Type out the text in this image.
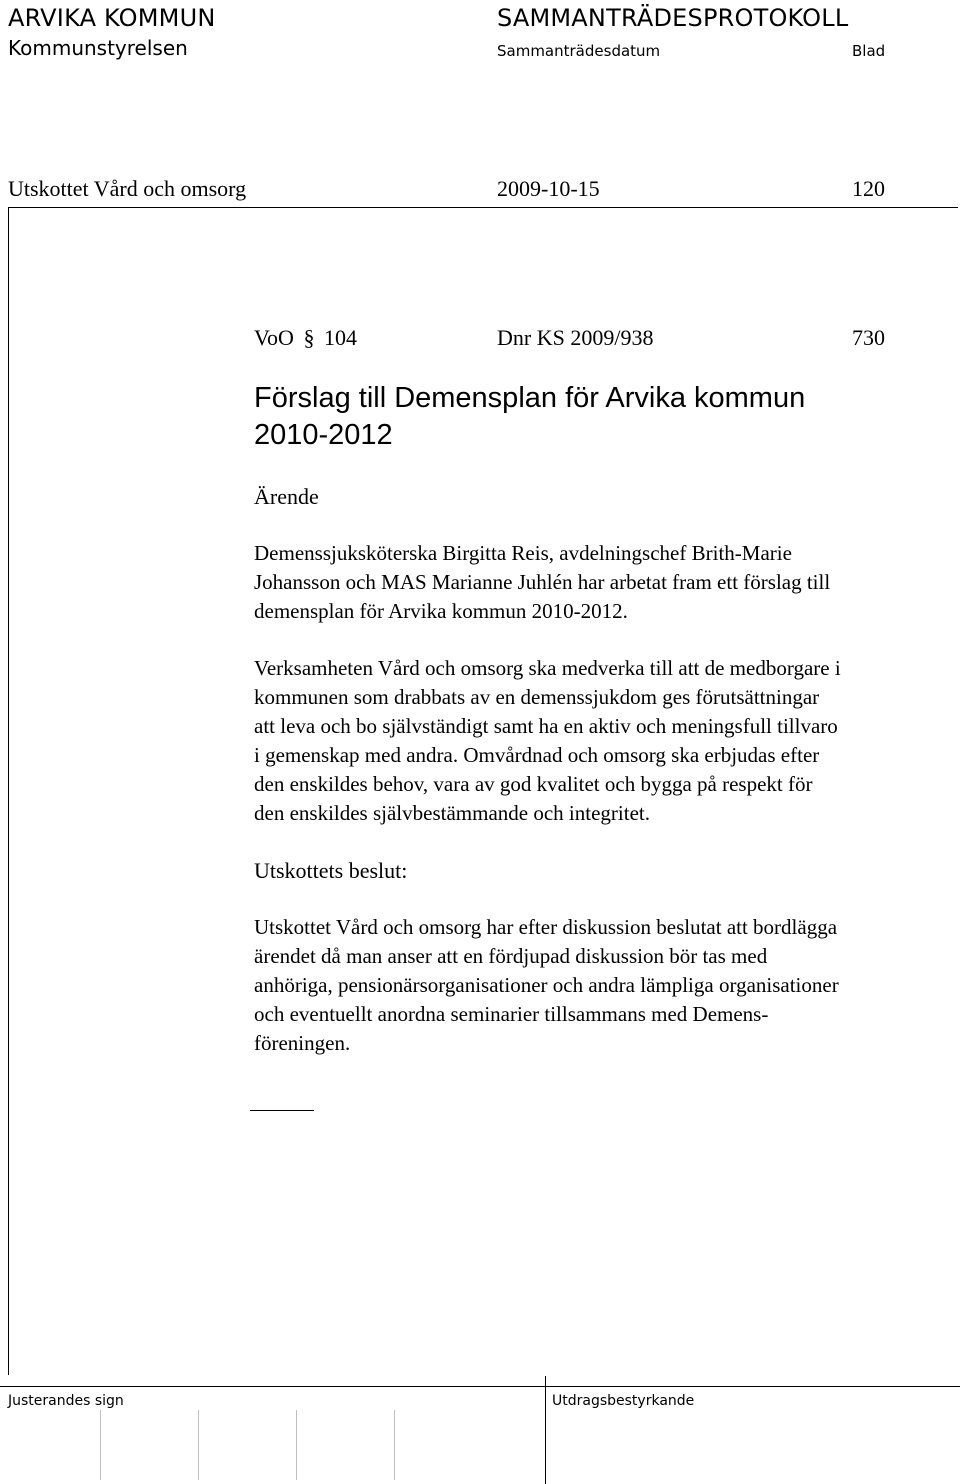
ARVIKA KOMMUN
Kommunstyrelsen
SAMMANTRÄDESPROTOKOLL
Sammanträdesdatum	Blad
Utskottet Vård och omsorg	2009-10-15	120
VoO § 104	Dnr KS 2009/938	730
Förslag till Demensplan för Arvika kommun
2010-2012
Ärende
Demenssjuksköterska Birgitta Reis, avdelningschef Brith-Marie
Johansson och MAS Marianne Juhlén har arbetat fram ett förslag till
demensplan för Arvika kommun 2010-2012.
Verksamheten Vård och omsorg ska medverka till att de medborgare i
kommunen som drabbats av en demenssjukdom ges förutsättningar
att leva och bo självständigt samt ha en aktiv och meningsfull tillvaro
i gemenskap med andra. Omvårdnad och omsorg ska erbjudas efter
den enskildes behov, vara av god kvalitet och bygga på respekt för
den enskildes självbestämmande och integritet.
Utskottets beslut:
Utskottet Vård och omsorg har efter diskussion beslutat att bordlägga
ärendet då man anser att en fördjupad diskussion bör tas med
anhöriga, pensionärsorganisationer och andra lämpliga organisationer
och eventuellt anordna seminarier tillsammans med Demens-
föreningen.
Justerandes sign	Utdragsbestyrkande
